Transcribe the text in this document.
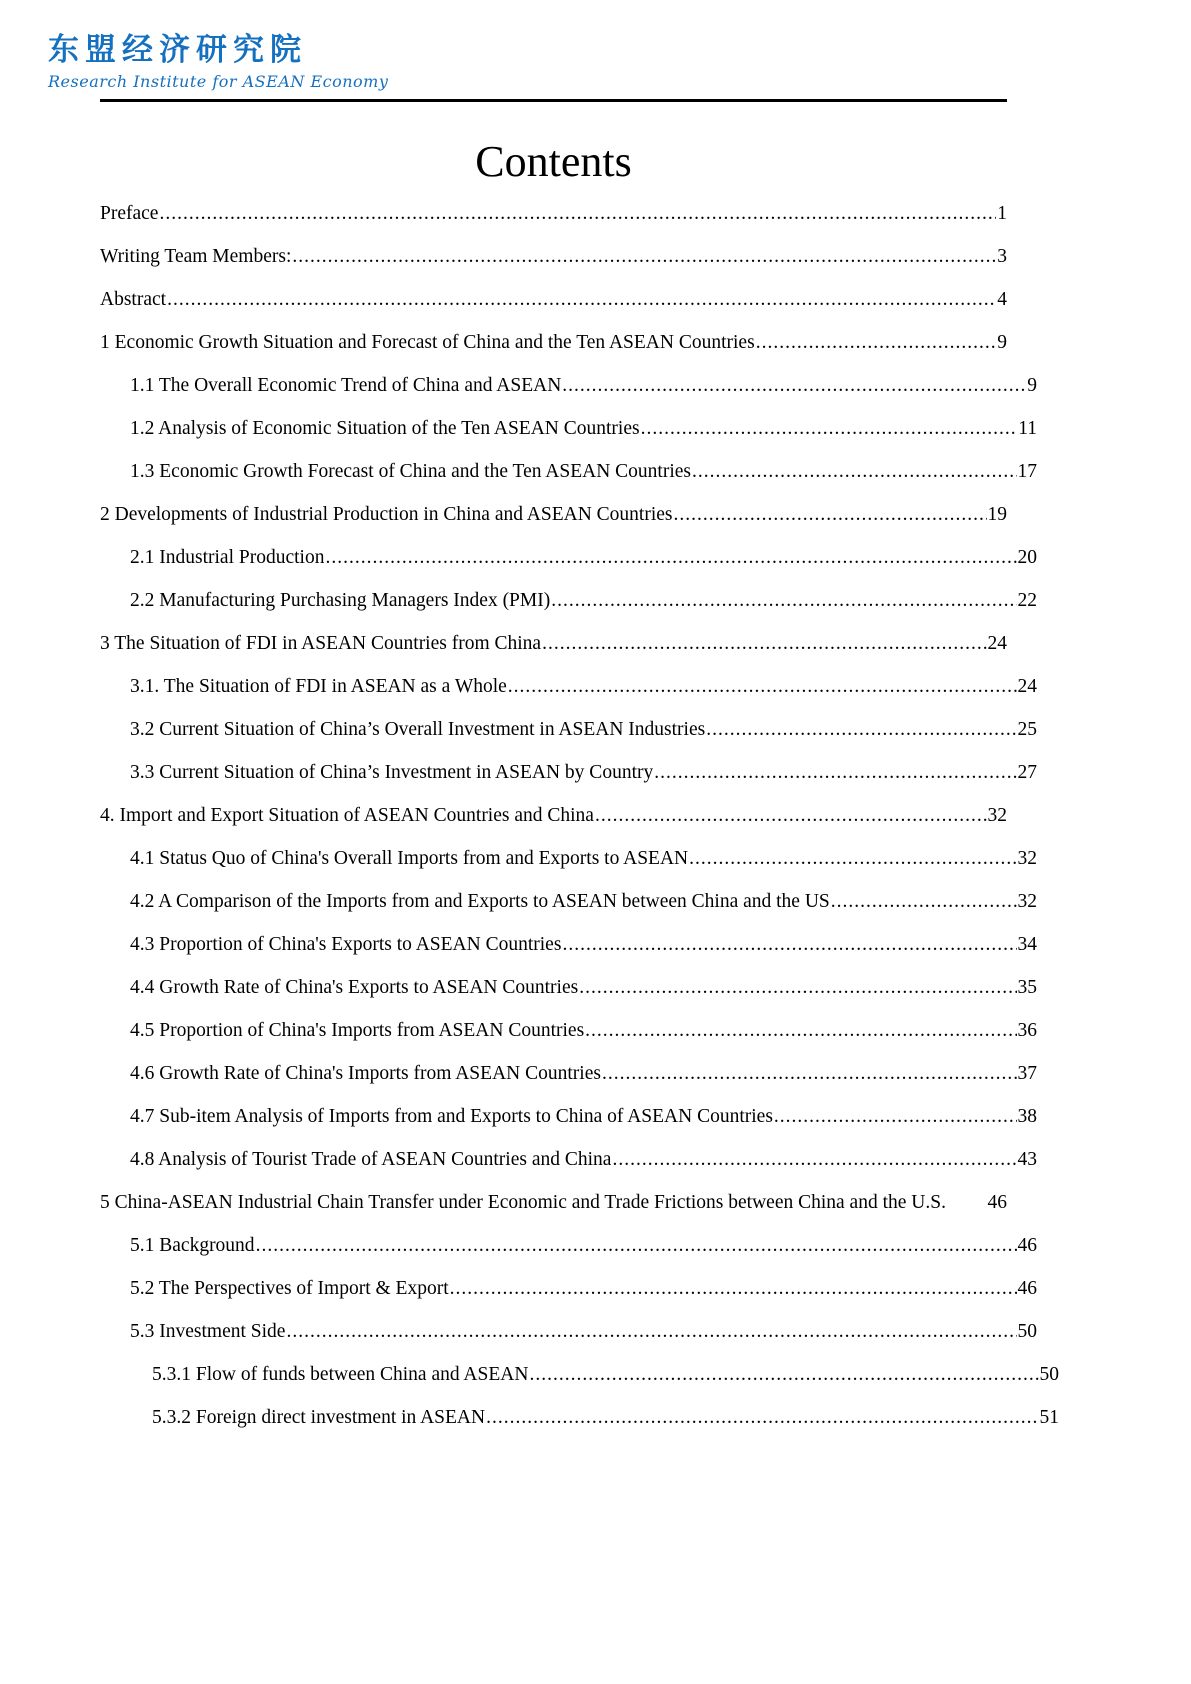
东盟经济研究院
Research Institute for ASEAN Economy
Contents
Preface .....	1
Writing Team Members: .....	3
Abstract .....	4
1 Economic Growth Situation and Forecast of China and the Ten ASEAN Countries .....	9
1.1 The Overall Economic Trend of China and ASEAN .....	9
1.2 Analysis of Economic Situation of the Ten ASEAN Countries .....	11
1.3 Economic Growth Forecast of China and the Ten ASEAN Countries .....	17
2 Developments of Industrial Production in China and ASEAN Countries .....	19
2.1 Industrial Production .....	20
2.2 Manufacturing Purchasing Managers Index (PMI) .....	22
3 The Situation of FDI in ASEAN Countries from China .....	24
3.1. The Situation of FDI in ASEAN as a Whole .....	24
3.2 Current Situation of China’s Overall Investment in ASEAN Industries .....	25
3.3 Current Situation of China’s Investment in ASEAN by Country .....	27
4. Import and Export Situation of ASEAN Countries and China .....	32
4.1 Status Quo of China's Overall Imports from and Exports to ASEAN .....	32
4.2 A Comparison of the Imports from and Exports to ASEAN between China and the US .....	32
4.3 Proportion of China's Exports to ASEAN Countries .....	34
4.4 Growth Rate of China's Exports to ASEAN Countries .....	35
4.5 Proportion of China's Imports from ASEAN Countries .....	36
4.6 Growth Rate of China's Imports from ASEAN Countries .....	37
4.7 Sub-item Analysis of Imports from and Exports to China of ASEAN Countries .....	38
4.8 Analysis of Tourist Trade of ASEAN Countries and China .....	43
5 China-ASEAN Industrial Chain Transfer under Economic and Trade Frictions between China and the U.S. 46
5.1 Background .....	46
5.2 The Perspectives of Import & Export .....	46
5.3 Investment Side .....	50
5.3.1 Flow of funds between China and ASEAN .....	50
5.3.2 Foreign direct investment in ASEAN .....	51
